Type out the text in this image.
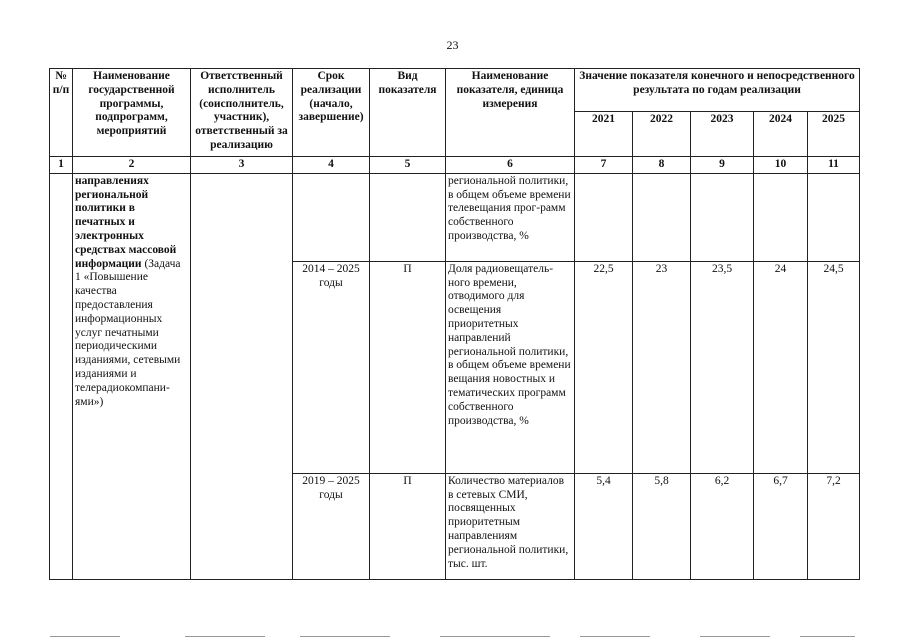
23
№ п/п	Наименование государственной программы, подпрограмм, мероприятий	Ответственный исполнитель (соисполнитель, участник), ответственный за реализацию	Срок реализации (начало, завершение)	Вид показателя	Наименование показателя, единица измерения	Значение показателя конечного и непосредственного результата по годам реализации				
						2021	2022	2023	2024	2025
1	2	3	4	5	6	7	8	9	10	11
	направлениях региональной политики в печатных и электронных средствах массовой информации (Задача 1 «Повышение качества предоставления информационных услуг печатными периодическими изданиями, сетевыми изданиями и телерадиокомпани-ями»)				региональной политики, в общем объеме времени телевещания прог-рамм собственного производства, %					
			2014 – 2025 годы	П	Доля радиовещатель-ного времени, отводимого для освещения приоритетных направлений региональной политики, в общем объеме времени вещания новостных и тематических программ собственного производства, %	22,5	23	23,5	24	24,5
			2019 – 2025 годы	П	Количество материалов в сетевых СМИ, посвященных приоритетным направлениям региональной политики, тыс. шт.	5,4	5,8	6,2	6,7	7,2
